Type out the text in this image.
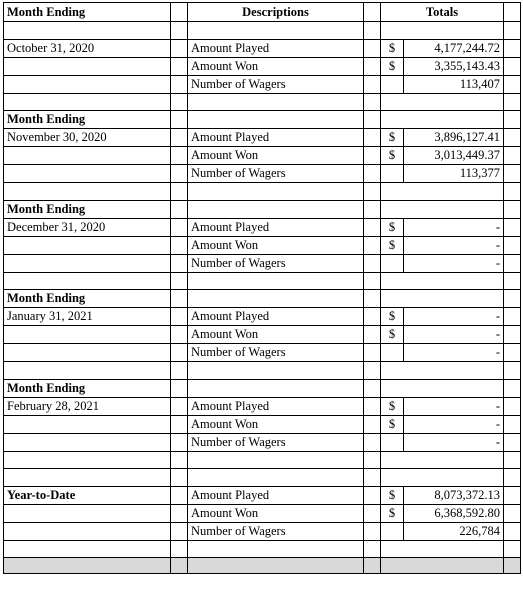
Month Ending		Descriptions		Totals		

October 31, 2020		Amount Played		$	4,177,244.72	
		Amount Won		$	3,355,143.43	
		Number of Wagers			113,407	

Month Ending						
November 30, 2020		Amount Played		$	3,896,127.41	
		Amount Won		$	3,013,449.37	
		Number of Wagers			113,377	

Month Ending						
December 31, 2020		Amount Played		$	-	
		Amount Won		$	-	
		Number of Wagers			-	

Month Ending						
January 31, 2021		Amount Played		$	-	
		Amount Won		$	-	
		Number of Wagers			-	

Month Ending						
February 28, 2021		Amount Played		$	-	
		Amount Won		$	-	
		Number of Wagers			-	

Year-to-Date		Amount Played		$	8,073,372.13	
		Amount Won		$	6,368,592.80	
		Number of Wagers			226,784	
